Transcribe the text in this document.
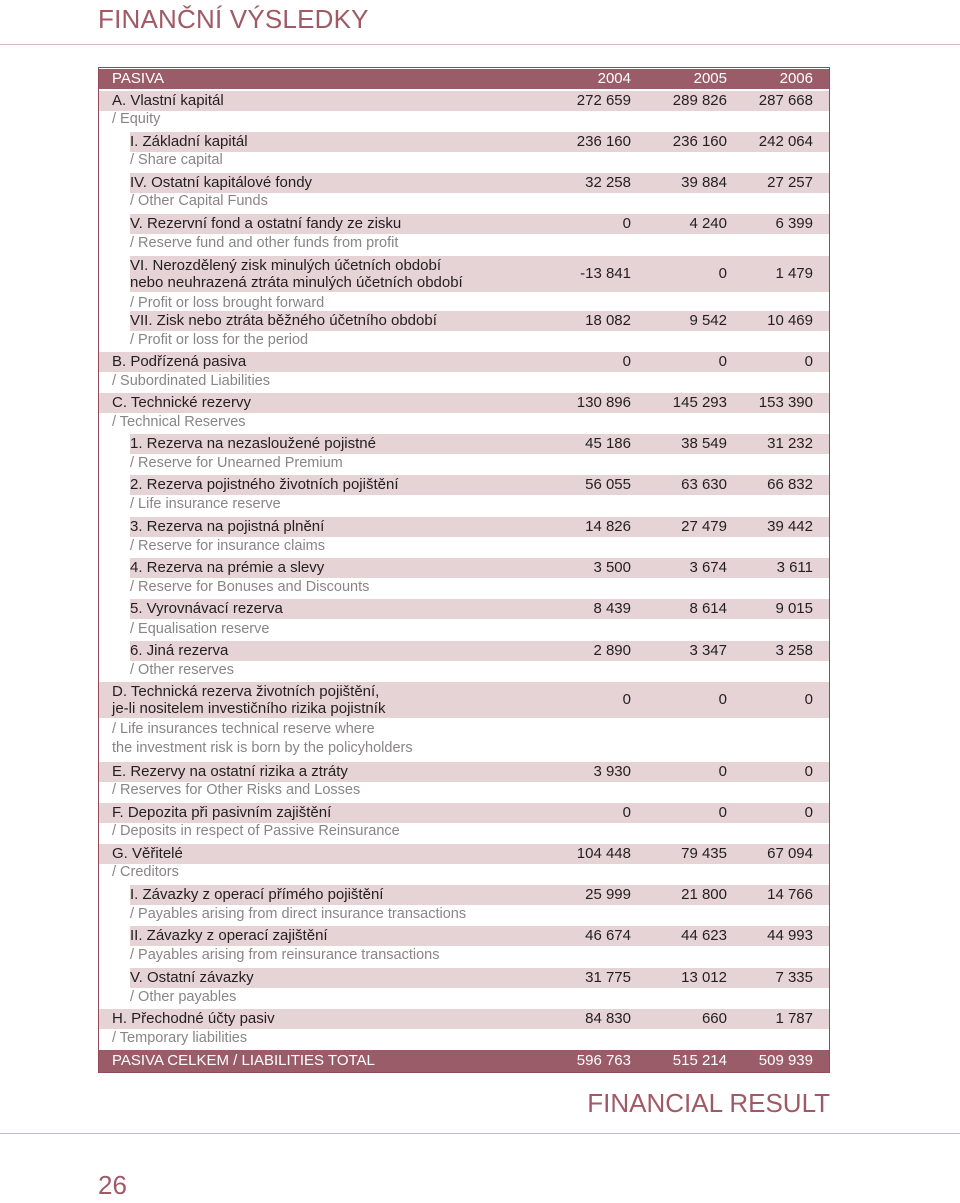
FINANČNÍ VÝSLEDKY
PASIVA	2004	2005	2006
A. Vlastní kapitál	272 659	289 826	287 668
/ Equity
I. Základní kapitál	236 160	236 160	242 064
/ Share capital
IV. Ostatní kapitálové fondy	32 258	39 884	27 257
/ Other Capital Funds
V. Rezervní fond a ostatní fandy ze zisku	0	4 240	6 399
/ Reserve fund and other funds from profit
VI. Nerozdělený zisk minulých účetních období
nebo neuhrazená ztráta minulých účetních období
-13 841	0	1 479
/ Profit or loss brought forward
VII. Zisk nebo ztráta běžného účetního období	18 082	9 542	10 469
/ Profit or loss for the period
B. Podřízená pasiva	0	0	0
/ Subordinated Liabilities
C. Technické rezervy	130 896	145 293	153 390
/ Technical Reserves
1. Rezerva na nezasloužené pojistné	45 186	38 549	31 232
/ Reserve for Unearned Premium
2. Rezerva pojistného životních pojištění	56 055	63 630	66 832
/ Life insurance reserve
3. Rezerva na pojistná plnění	14 826	27 479	39 442
/ Reserve for insurance claims
4. Rezerva na prémie a slevy	3 500	3 674	3 611
/ Reserve for Bonuses and Discounts
5. Vyrovnávací rezerva	8 439	8 614	9 015
/ Equalisation reserve
6. Jiná rezerva	2 890	3 347	3 258
/ Other reserves
D. Technická rezerva životních pojištění,
je-li nositelem investičního rizika pojistník
0	0	0
/ Life insurances technical reserve where
the investment risk is born by the policyholders
E. Rezervy na ostatní rizika a ztráty	3 930	0	0
/ Reserves for Other Risks and Losses
F. Depozita při pasivním zajištění	0	0	0
/ Deposits in respect of Passive Reinsurance
G. Věřitelé	104 448	79 435	67 094
/ Creditors
I. Závazky z operací přímého pojištění	25 999	21 800	14 766
/ Payables arising from direct insurance transactions
II. Závazky z operací zajištění	46 674	44 623	44 993
/ Payables arising from reinsurance transactions
V. Ostatní závazky	31 775	13 012	7 335
/ Other payables
H. Přechodné účty pasiv	84 830	660	1 787
/ Temporary liabilities
PASIVA CELKEM / LIABILITIES TOTAL	596 763	515 214	509 939
FINANCIAL RESULT
26
